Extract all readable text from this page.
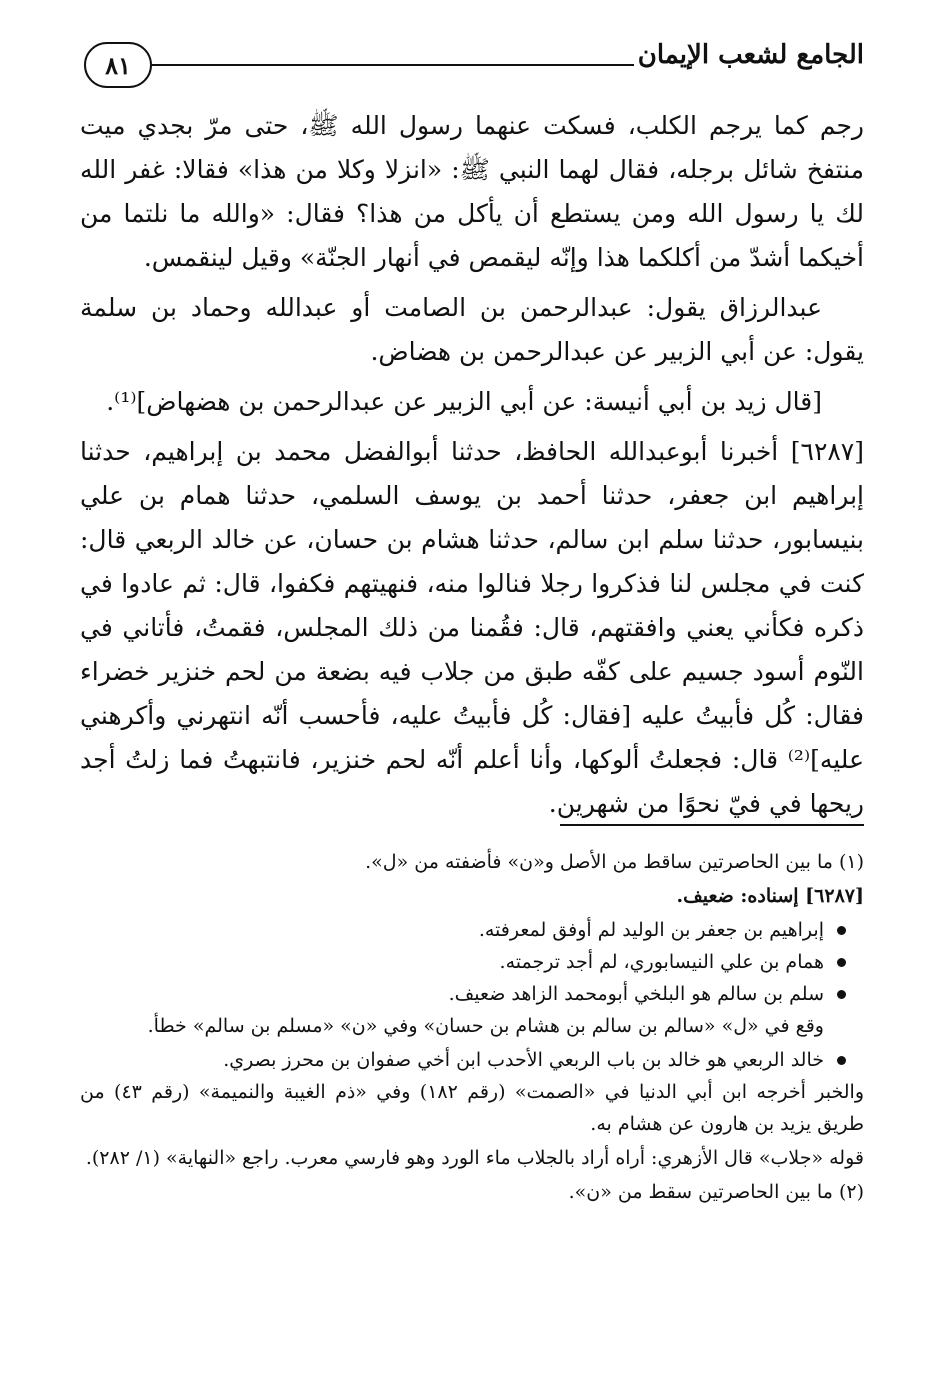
٨١	الجامع لشعب الإيمان

رجم كما يرجم الكلب، فسكت عنهما رسول الله ﷺ، حتى مرّ بجدي ميت منتفخ شائل برجله، فقال لهما النبي ﷺ: «انزلا وكلا من هذا» فقالا: غفر الله لك يا رسول الله ومن يستطع أن يأكل من هذا؟ فقال: «والله ما نلتما من أخيكما أشدّ من أكلكما هذا وإنّه ليقمص في أنهار الجنّة» وقيل لينقمس.

عبدالرزاق يقول: عبدالرحمن بن الصامت أو عبدالله وحماد بن سلمة يقول: عن أبي الزبير عن عبدالرحمن بن هضاض.

[قال زيد بن أبي أنيسة: عن أبي الزبير عن عبدالرحمن بن هضهاض]⁽¹⁾.

[٦٢٨٧] أخبرنا أبوعبدالله الحافظ، حدثنا أبوالفضل محمد بن إبراهيم، حدثنا إبراهيم ابن جعفر، حدثنا أحمد بن يوسف السلمي، حدثنا همام بن علي بنيسابور، حدثنا سلم ابن سالم، حدثنا هشام بن حسان، عن خالد الربعي قال: كنت في مجلس لنا فذكروا رجلا فنالوا منه، فنهيتهم فكفوا، قال: ثم عادوا في ذكره فكأني يعني وافقتهم، قال: فقُمنا من ذلك المجلس، فقمتُ، فأتاني في النّوم أسود جسيم على كفّه طبق من جلاب فيه بضعة من لحم خنزير خضراء فقال: كُل فأبيتُ عليه [فقال: كُل فأبيتُ عليه، فأحسب أنّه انتهرني وأكرهني عليه]⁽²⁾ قال: فجعلتُ ألوكها، وأنا أعلم أنّه لحم خنزير، فانتبهتُ فما زلتُ أجد ريحها في فيّ نحوًا من شهرين.

(١) ما بين الحاصرتين ساقط من الأصل و«ن» فأضفته من «ل».

[٦٢٨٧] إسناده: ضعيف.

إبراهيم بن جعفر بن الوليد لم أوفق لمعرفته.
همام بن علي النيسابوري، لم أجد ترجمته.
سلم بن سالم هو البلخي أبومحمد الزاهد ضعيف.

وقع في «ل» «سالم بن سالم بن هشام بن حسان» وفي «ن» «مسلم بن سالم» خطأ.

خالد الربعي هو خالد بن باب الربعي الأحدب ابن أخي صفوان بن محرز بصري.

والخبر أخرجه ابن أبي الدنيا في «الصمت» (رقم ١٨٢) وفي «ذم الغيبة والنميمة» (رقم ٤٣) من طريق يزيد بن هارون عن هشام به.

قوله «جلاب» قال الأزهري: أراه أراد بالجلاب ماء الورد وهو فارسي معرب. راجع «النهاية» (١/ ٢٨٢).

(٢) ما بين الحاصرتين سقط من «ن».
